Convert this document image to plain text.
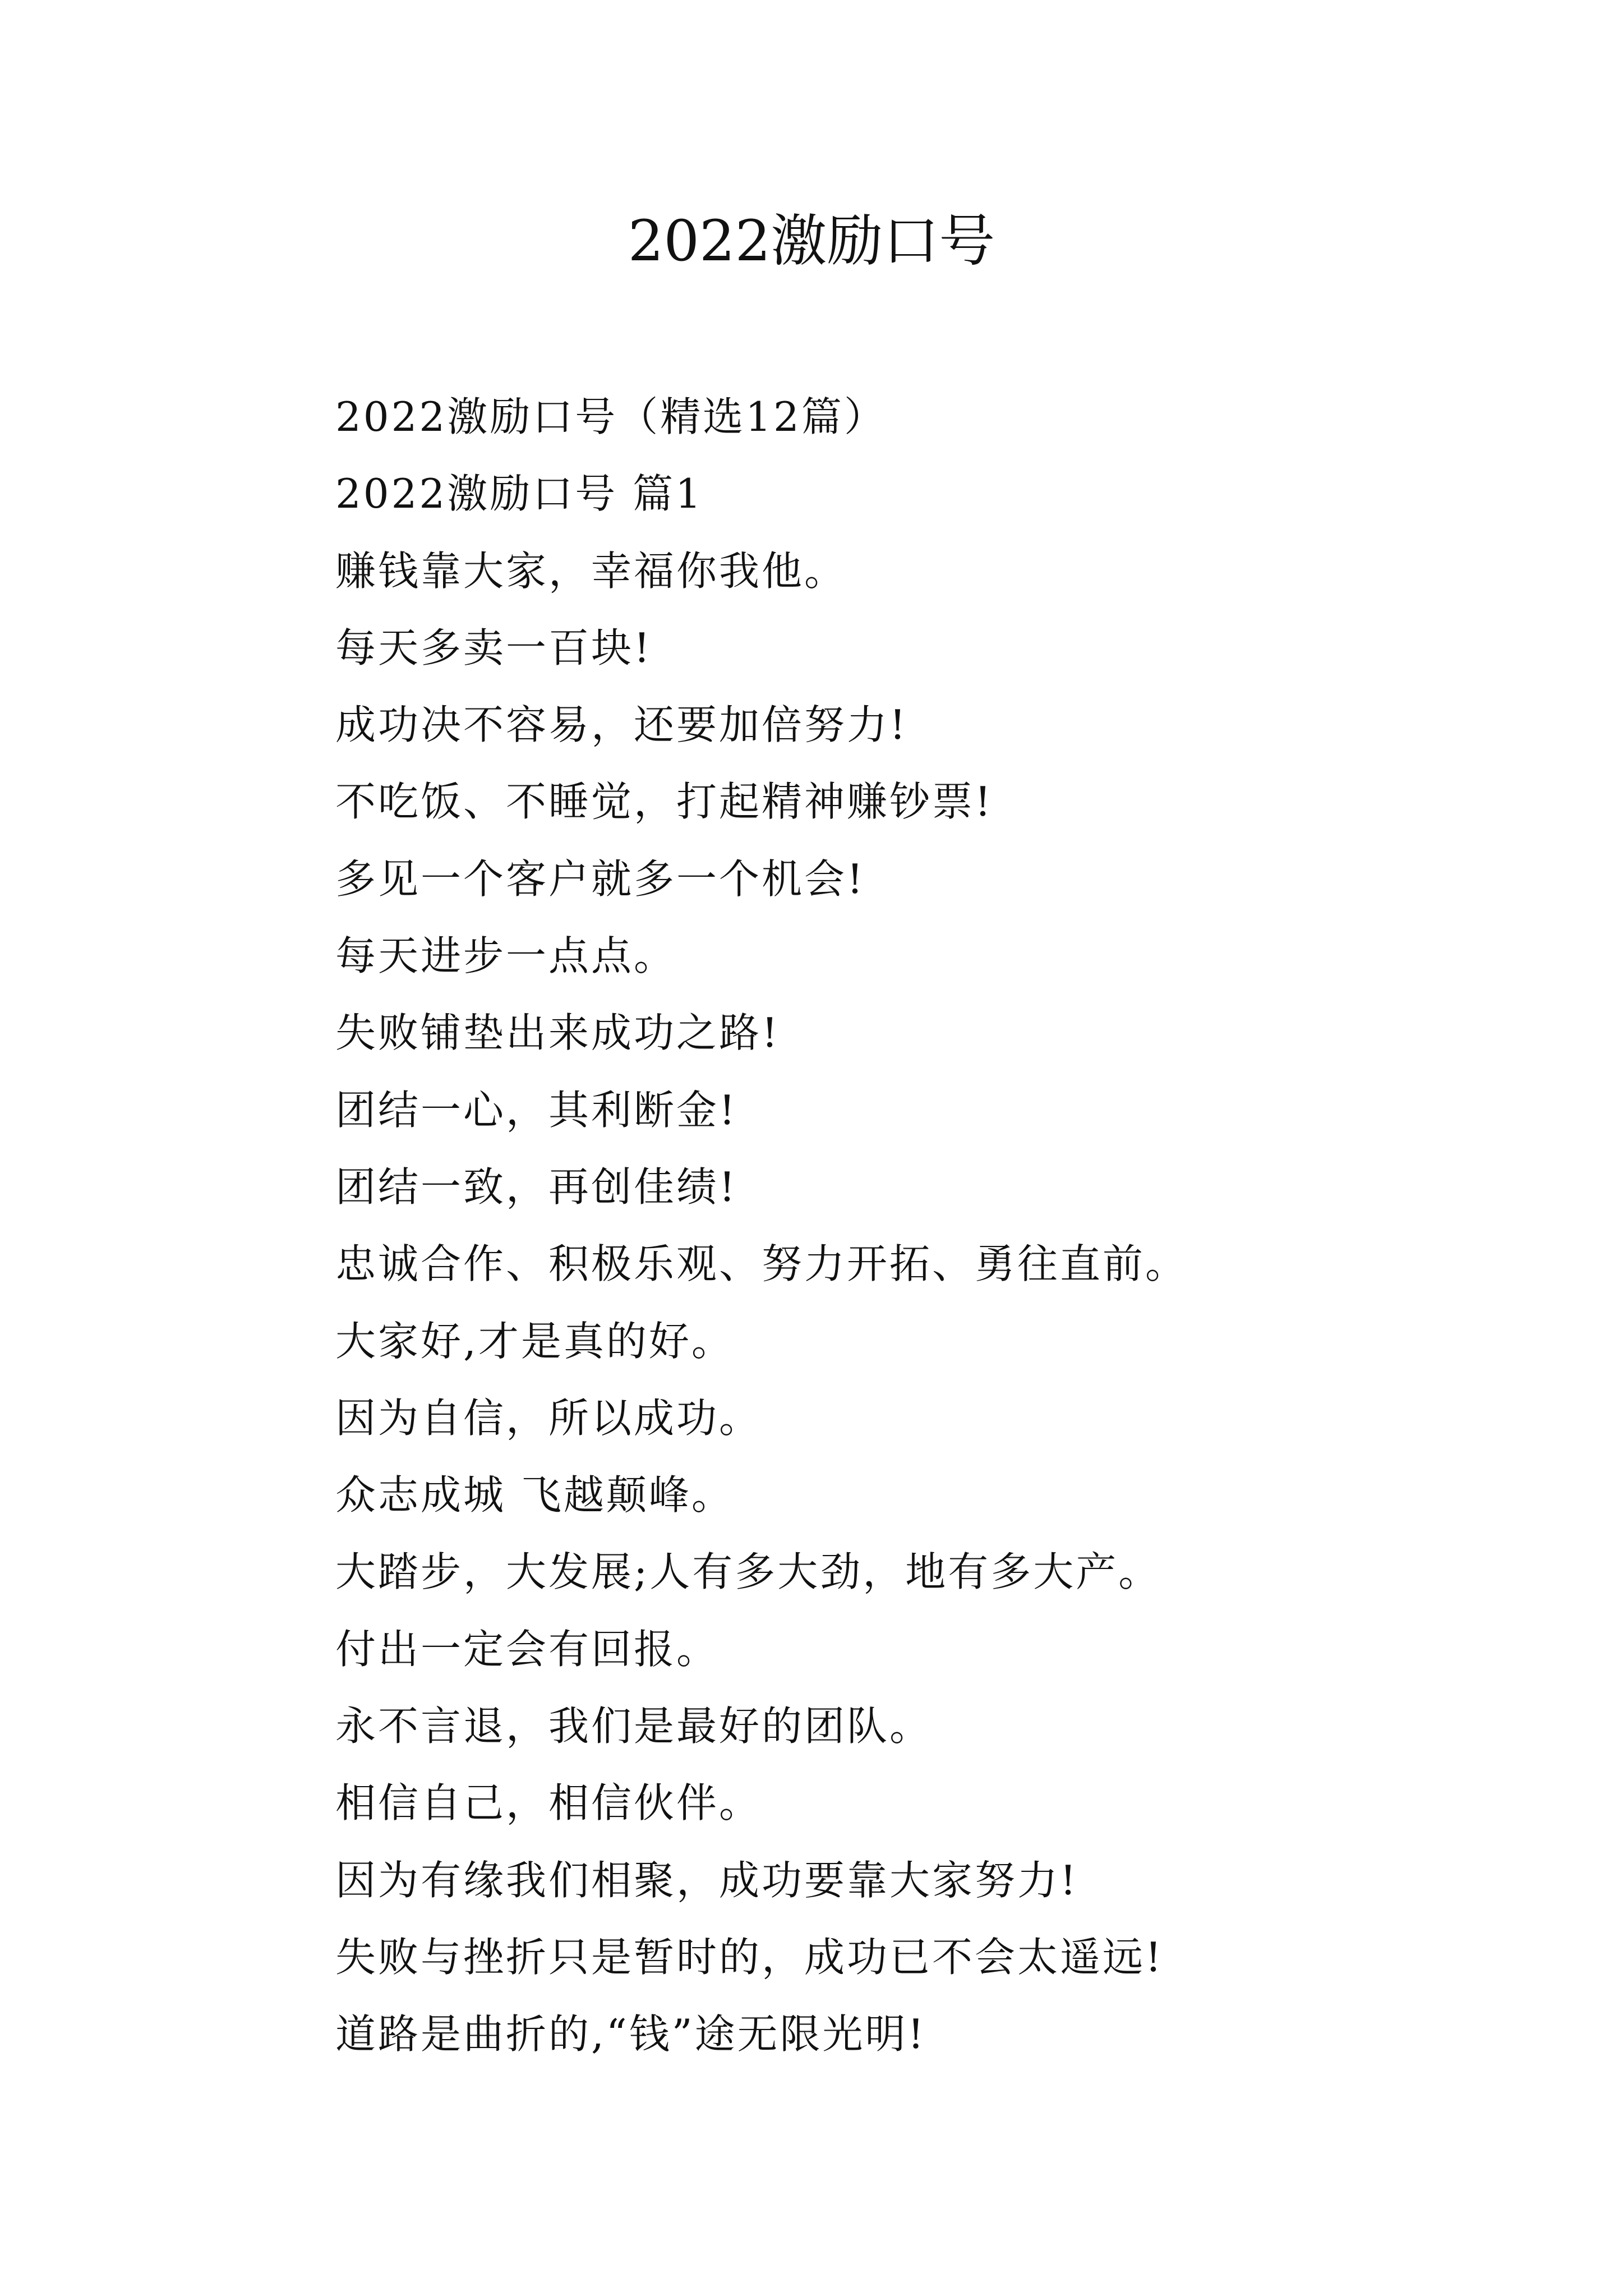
2022激励口号
2022激励口号（精选12篇）
2022激励口号 篇1
赚钱靠大家，幸福你我他。
每天多卖一百块!
成功决不容易，还要加倍努力!
不吃饭、不睡觉，打起精神赚钞票!
多见一个客户就多一个机会!
每天进步一点点。
失败铺垫出来成功之路!
团结一心，其利断金!
团结一致，再创佳绩!
忠诚合作、积极乐观、努力开拓、勇往直前。
大家好,才是真的好。
因为自信，所以成功。
众志成城 飞越颠峰。
大踏步，大发展;人有多大劲，地有多大产。
付出一定会有回报。
永不言退，我们是最好的团队。
相信自己，相信伙伴。
因为有缘我们相聚，成功要靠大家努力!
失败与挫折只是暂时的，成功已不会太遥远!
道路是曲折的,“钱”途无限光明!
